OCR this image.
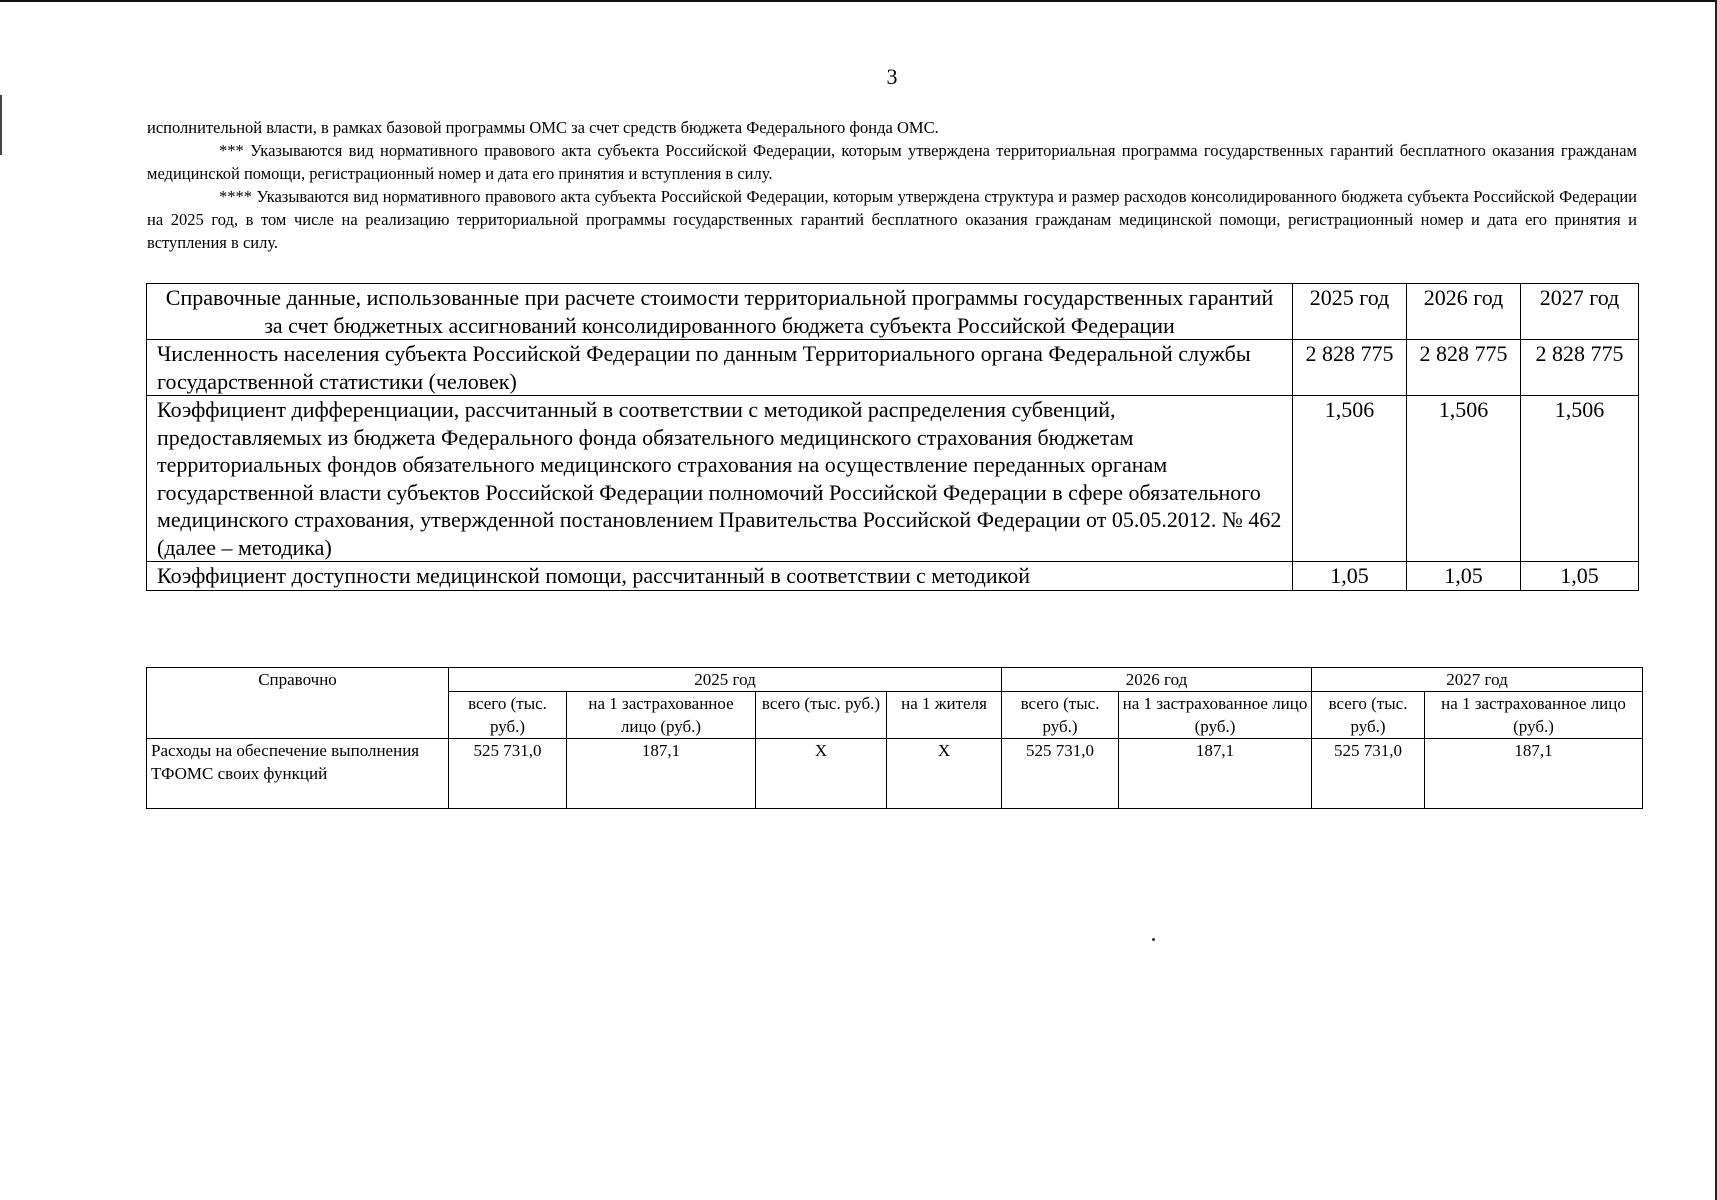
3

исполнительной власти, в рамках базовой программы ОМС за счет средств бюджета Федерального фонда ОМС.

*** Указываются вид нормативного правового акта субъекта Российской Федерации, которым утверждена территориальная программа государственных гарантий бесплатного оказания гражданам медицинской помощи, регистрационный номер и дата его принятия и вступления в силу.

**** Указываются вид нормативного правового акта субъекта Российской Федерации, которым утверждена структура и размер расходов консолидированного бюджета субъекта Российской Федерации на 2025 год, в том числе на реализацию территориальной программы государственных гарантий бесплатного оказания гражданам медицинской помощи, регистрационный номер и дата его принятия и вступления в силу.

Справочные данные, использованные при расчете стоимости территориальной программы государственных гарантий за счет бюджетных ассигнований консолидированного бюджета субъекта Российской Федерации	2025 год	2026 год	2027 год
Численность населения субъекта Российской Федерации по данным Территориального органа Федеральной службы государственной статистики (человек)	2 828 775	2 828 775	2 828 775
Коэффициент дифференциации, рассчитанный в соответствии с методикой распределения субвенций, предоставляемых из бюджета Федерального фонда обязательного медицинского страхования бюджетам территориальных фондов обязательного медицинского страхования на осуществление переданных органам государственной власти субъектов Российской Федерации полномочий Российской Федерации в сфере обязательного медицинского страхования, утвержденной постановлением Правительства Российской Федерации от 05.05.2012. № 462 (далее – методика)	1,506	1,506	1,506
Коэффициент доступности медицинской помощи, рассчитанный в соответствии с методикой	1,05	1,05	1,05
Справочно	2025 год				2026 год		2027 год	
	всего (тыс. руб.)	на 1 застрахованное лицо (руб.)	всего (тыс. руб.)	на 1 жителя	всего (тыс. руб.)	на 1 застрахованное лицо (руб.)	всего (тыс. руб.)	на 1 застрахованное лицо (руб.)
Расходы на обеспечение выполнения ТФОМС своих функций	525 731,0	187,1	Х	Х	525 731,0	187,1	525 731,0	187,1
